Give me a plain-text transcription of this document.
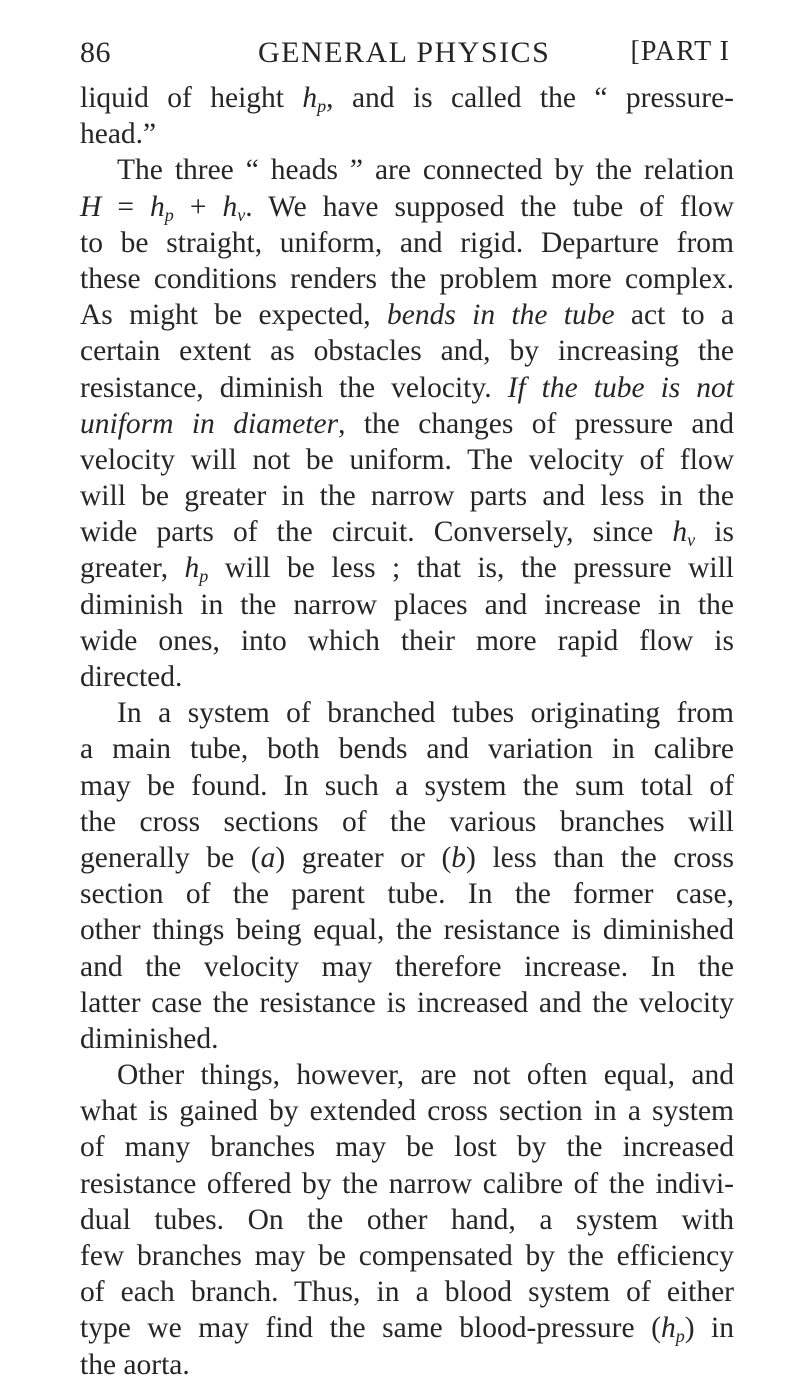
86	GENERAL PHYSICS	[PART I
liquid of height $h_p$, and is called the “ pressure-
head.”
The three “ heads ” are connected by the relation
$H = h_p + h_v$. We have supposed the tube of flow
to be straight, uniform, and rigid. Departure from
these conditions renders the problem more complex.
As might be expected, bends in the tube act to a
certain extent as obstacles and, by increasing the
resistance, diminish the velocity. If the tube is not
uniform in diameter, the changes of pressure and
velocity will not be uniform. The velocity of flow
will be greater in the narrow parts and less in the
wide parts of the circuit. Conversely, since $h_v$ is
greater, $h_p$ will be less ; that is, the pressure will
diminish in the narrow places and increase in the
wide ones, into which their more rapid flow is
directed.
In a system of branched tubes originating from
a main tube, both bends and variation in calibre
may be found. In such a system the sum total of
the cross sections of the various branches will
generally be (a) greater or (b) less than the cross
section of the parent tube. In the former case,
other things being equal, the resistance is diminished
and the velocity may therefore increase. In the
latter case the resistance is increased and the velocity
diminished.
Other things, however, are not often equal, and
what is gained by extended cross section in a system
of many branches may be lost by the increased
resistance offered by the narrow calibre of the indivi-
dual tubes. On the other hand, a system with
few branches may be compensated by the efficiency
of each branch. Thus, in a blood system of either
type we may find the same blood-pressure $(h_p)$ in
the aorta.
